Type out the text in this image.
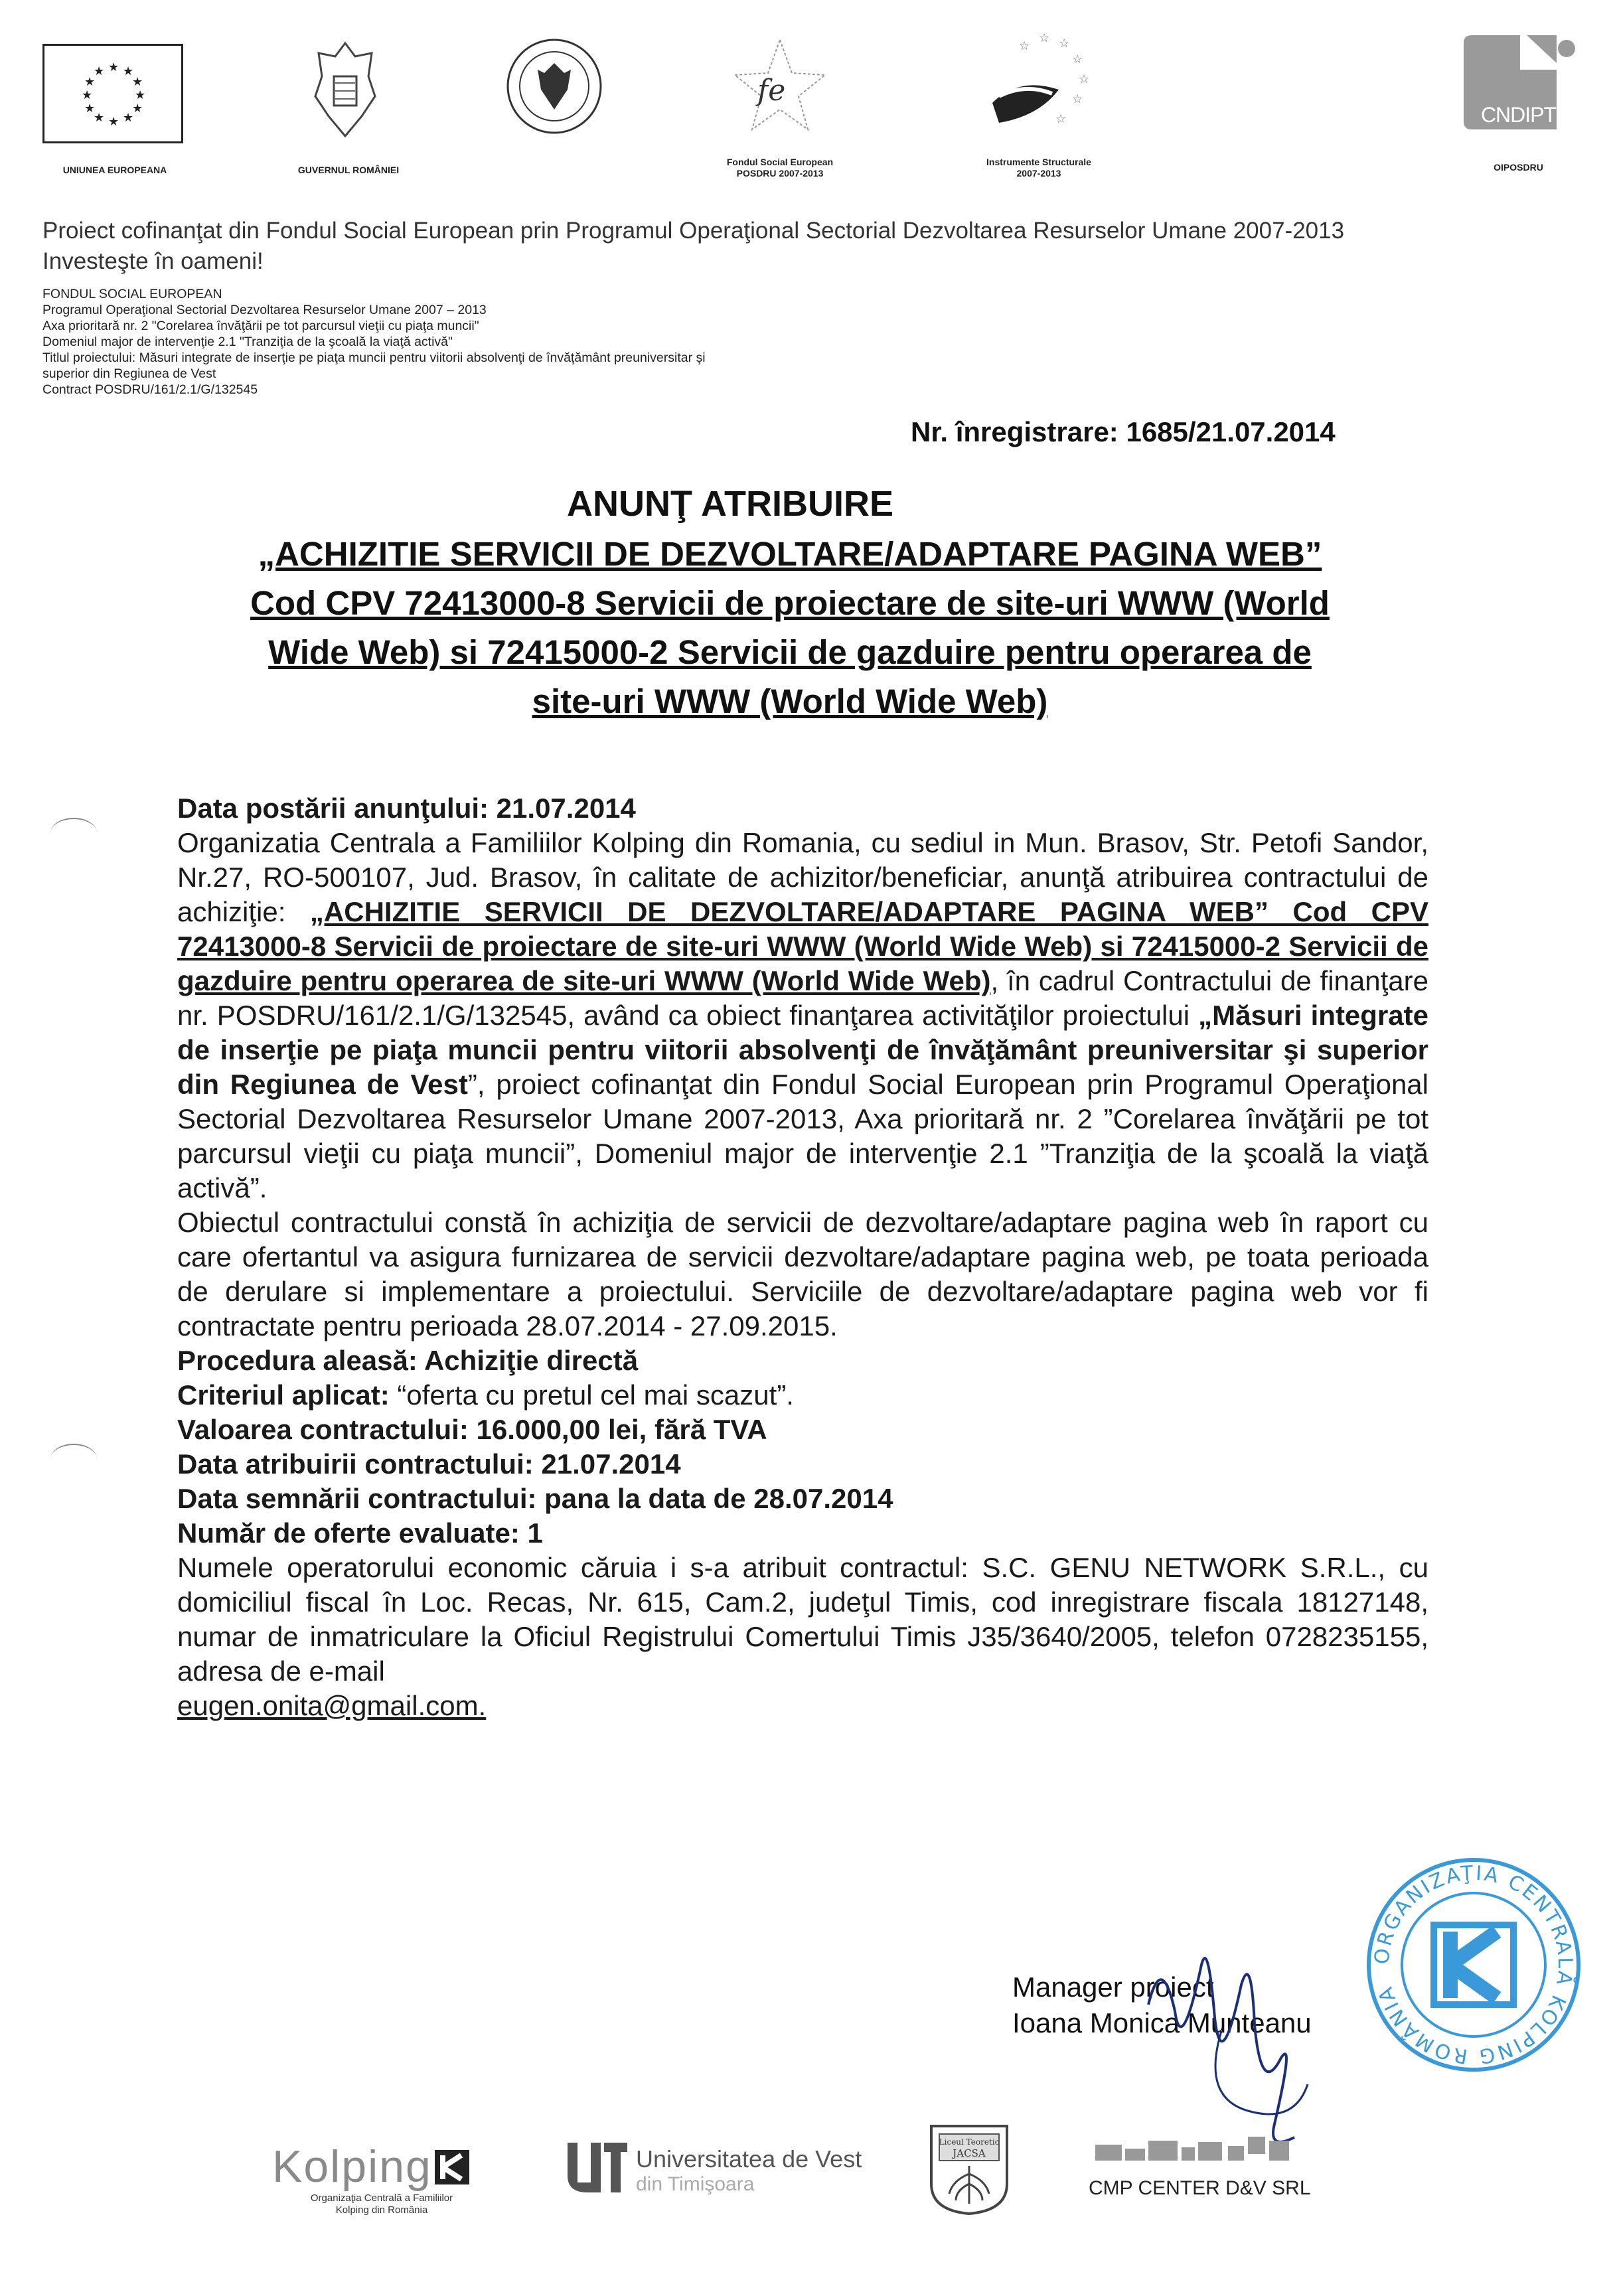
★ ★
★
★
★
★
★
★
★
★
★
★
UNIUNEA EUROPEANA	GUVERNUL ROMÂNIEI
fe
Fondul Social European
POSDRU 2007-2013
☆
☆ ☆
☆
☆
☆
☆
Instrumente Structurale
2007-2013
CNDIPT
OIPOSDRU
Proiect cofinanţat din Fondul Social European prin Programul Operaţional Sectorial Dezvoltarea Resurselor Umane 2007-2013
Investeşte în oameni!
FONDUL SOCIAL EUROPEAN
Programul Operaţional Sectorial Dezvoltarea Resurselor Umane 2007 – 2013
Axa prioritară nr. 2 "Corelarea învăţării pe tot parcursul vieţii cu piaţa muncii"
Domeniul major de intervenţie 2.1 "Tranziţia de la şcoală la viaţă activă"
Titlul proiectului: Măsuri integrate de inserţie pe piaţa muncii pentru viitorii absolvenţi de învăţământ preuniversitar şi
superior din Regiunea de Vest
Contract POSDRU/161/2.1/G/132545
Nr. înregistrare: 1685/21.07.2014
ANUNŢ ATRIBUIRE
„ACHIZITIE SERVICII DE DEZVOLTARE/ADAPTARE PAGINA WEB”
Cod CPV 72413000-8 Servicii de proiectare de site-uri WWW (World
Wide Web) si 72415000-2 Servicii de gazduire pentru operarea de
site-uri WWW (World Wide Web)

Data postării anunţului: 21.07.2014

Organizatia Centrala a Familiilor Kolping din Romania, cu sediul in Mun. Brasov, Str. Petofi Sandor, Nr.27, RO-500107, Jud. Brasov, în calitate de achizitor/beneficiar, anunţă atribuirea contractului de achiziţie: „ACHIZITIE SERVICII DE DEZVOLTARE/ADAPTARE PAGINA WEB” Cod CPV 72413000-8 Servicii de proiectare de site-uri WWW (World Wide Web) si 72415000-2 Servicii de gazduire pentru operarea de site-uri WWW (World Wide Web), în cadrul Contractului de finanţare nr. POSDRU/161/2.1/G/132545, având ca obiect finanţarea activităţilor proiectului „Măsuri integrate de inserţie pe piaţa muncii pentru viitorii absolvenţi de învăţământ preuniversitar şi superior din Regiunea de Vest”, proiect cofinanţat din Fondul Social European prin Programul Operaţional Sectorial Dezvoltarea Resurselor Umane 2007-2013, Axa prioritară nr. 2 ”Corelarea învăţării pe tot parcursul vieţii cu piaţa muncii”, Domeniul major de intervenţie 2.1 ”Tranziţia de la şcoală la viaţă activă”.

Obiectul contractului constă în achiziţia de servicii de dezvoltare/adaptare pagina web în raport cu care ofertantul va asigura furnizarea de servicii dezvoltare/adaptare pagina web, pe toata perioada de derulare si implementare a proiectului. Serviciile de dezvoltare/adaptare pagina web vor fi contractate pentru perioada 28.07.2014 - 27.09.2015.

Procedura aleasă: Achiziţie directă

Criteriul aplicat: “oferta cu pretul cel mai scazut”.

Valoarea contractului: 16.000,00 lei, fără TVA

Data atribuirii contractului: 21.07.2014

Data semnării contractului: pana la data de 28.07.2014

Număr de oferte evaluate: 1

Numele operatorului economic căruia i s-a atribuit contractul: S.C. GENU NETWORK S.R.L., cu domiciliul fiscal în Loc. Recas, Nr. 615, Cam.2, judeţul Timis, cod inregistrare fiscala 18127148, numar de inmatriculare la Oficiul Registrului Comertului Timis J35/3640/2005, telefon 0728235155, adresa de e-mail

eugen.onita@gmail.com.

Manager proiect
Ioana Monica Munteanu
ORGANIZAŢIA CENTRALĂ KOLPING ROMÂNIA
Kolping
Organizaţia Centrală a Familiilor
Kolping din România
Universitatea de Vest
din Timişoara
Liceul Teoretic
JACSA
CMP CENTER D&V SRL
